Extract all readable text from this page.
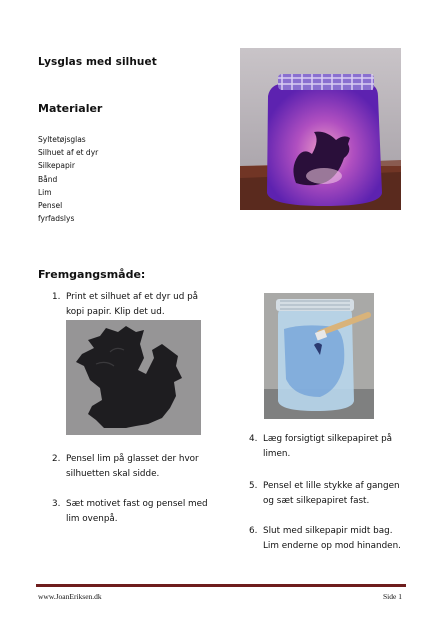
Lysglas med silhuet
Materialer
Syltetøjsglas
Silhuet af et dyr
Silkepapir
Bånd
Lim
Pensel
fyrfadslys
Fremgangsmåde:
1. Print et silhuet af et dyr ud på kopi papir. Klip det ud.
2. Pensel lim på glasset der hvor silhuetten skal sidde.
3. Sæt motivet fast og pensel med lim ovenpå.
4. Læg forsigtigt silkepapiret på limen.
5. Pensel et lille stykke af gangen og sæt silkepapiret fast.
6. Slut med silkepapir midt bag. Lim enderne op mod hinanden.
www.JoanEriksen.dk	Side 1
